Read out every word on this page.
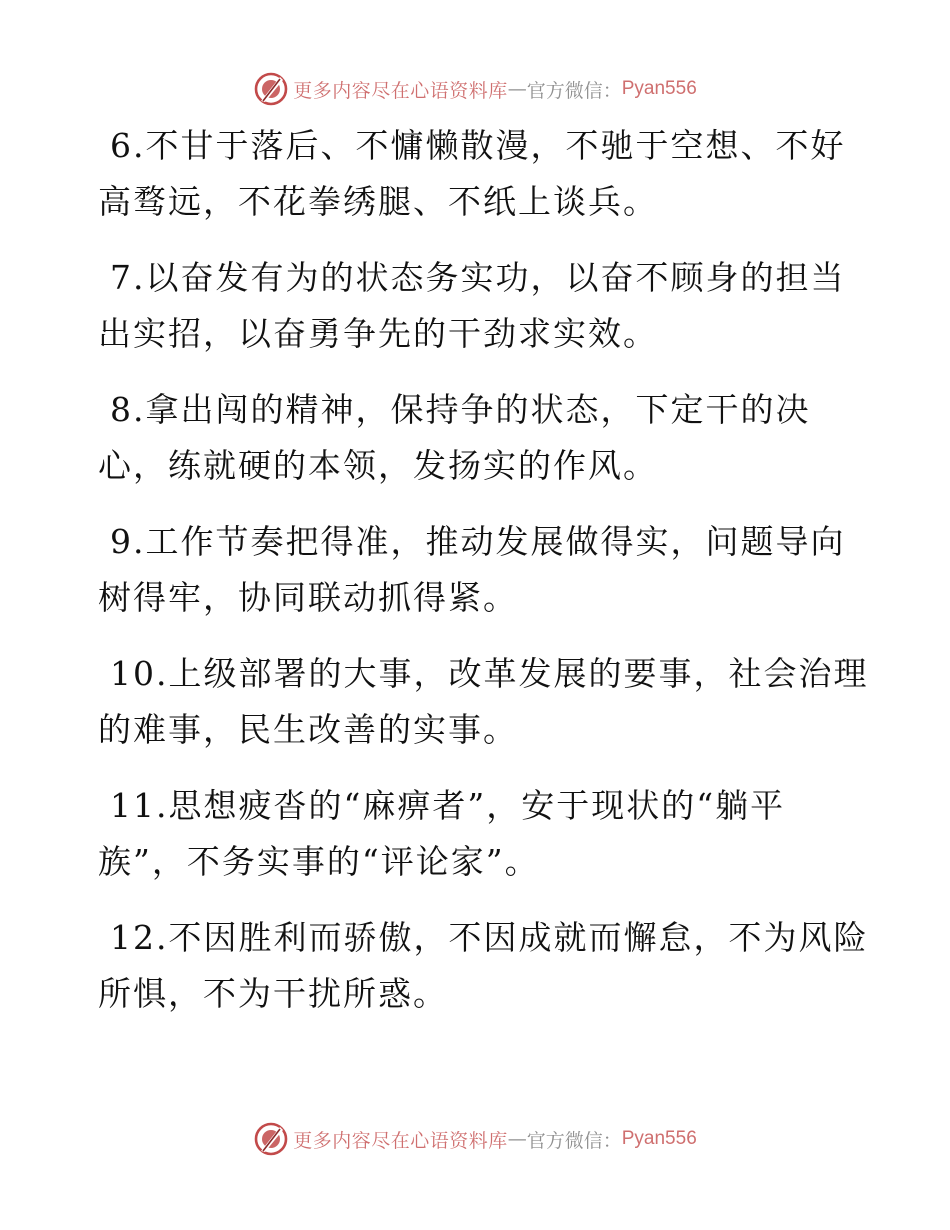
更多内容尽在心语资料库 — 官方微信： Pyan556
6.不甘于落后、不慵懒散漫，不驰于空想、不好
高骛远，不花拳绣腿、不纸上谈兵。
7.以奋发有为的状态务实功，以奋不顾身的担当
出实招，以奋勇争先的干劲求实效。
8.拿出闯的精神，保持争的状态，下定干的决
心，练就硬的本领，发扬实的作风。
9.工作节奏把得准，推动发展做得实，问题导向
树得牢，协同联动抓得紧。
10.上级部署的大事，改革发展的要事，社会治理
的难事，民生改善的实事。
11.思想疲沓的“麻痹者”，安于现状的“躺平
族”，不务实事的“评论家”。
12.不因胜利而骄傲，不因成就而懈怠，不为风险
所惧，不为干扰所惑。
更多内容尽在心语资料库 — 官方微信： Pyan556
